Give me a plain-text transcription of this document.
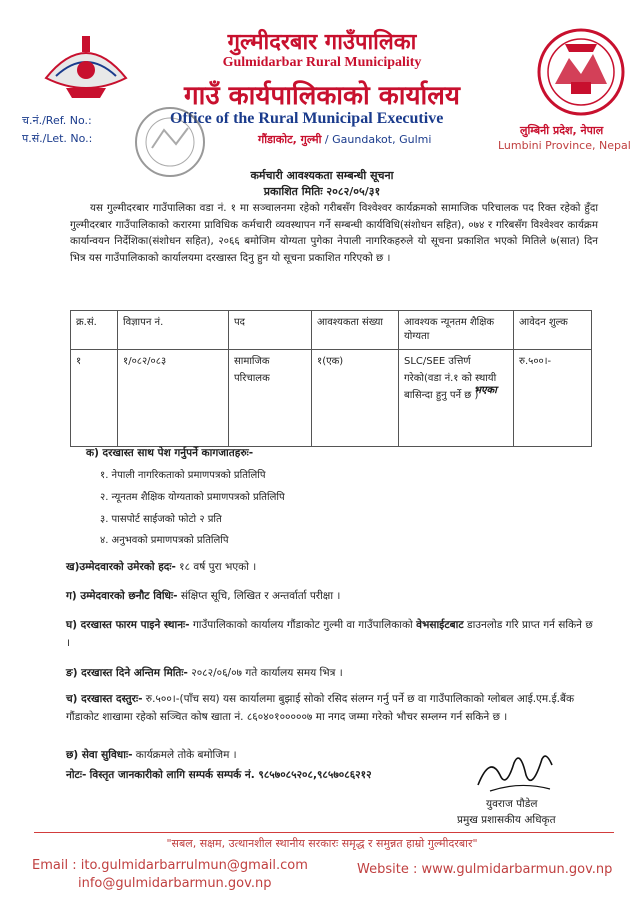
गुल्मीदरबार गाउँपालिका
Gulmidarbar Rural Municipality
गाउँ कार्यपालिकाको कार्यालय
Office of the Rural Municipal Executive
गौंडाकोट, गुल्मी / Gaundakot, Gulmi
च.नं./Ref. No.:
प.सं./Let. No.:
लुम्बिनी प्रदेश, नेपाल
Lumbini Province, Nepal
कर्मचारी आवश्यकता सम्बन्धी सूचना
प्रकाशित मितिः २०८२/०५/३१
यस गुल्मीदरबार गाउँपालिका वडा नं. १ मा सञ्चालनमा रहेको गरीबसँग विश्वेश्वर कार्यक्रमको सामाजिक परिचालक पद रिक्त रहेको हुँदा गुल्मीदरबार गाउँपालिकाको करारमा प्राविधिक कर्मचारी व्यवस्थापन गर्ने सम्बन्धी कार्यविधि(संशोधन सहित), ०७४ र गरिबसँग विश्वेश्वर कार्यक्रम कार्यान्वयन निर्देशिका(संशोधन सहित), २०६६ बमोजिम योग्यता पुगेका नेपाली नागरिकहरुले यो सूचना प्रकाशित भएको मितिले ७(सात) दिन भित्र यस गाउँपालिकाको कार्यालयमा दरखास्त दिनु हुन यो सूचना प्रकाशित गरिएको छ ।
क्र.सं.	विज्ञापन नं.	पद	आवश्यकता संख्या	आवश्यक न्यूनतम शैक्षिक योग्यता	आवेदन शुल्क
१	१/०८२/०८३	सामाजिक परिचालक	१(एक)	SLC/SEE उत्तिर्ण गरेको(वडा नं.१ को स्थायी बासिन्दा हुनु पर्ने छ )	रु.५००।-
भएका
क) दरखास्त साथ पेश गर्नुपर्ने कागजातहरुः-
१. नेपाली नागरिकताको प्रमाणपत्रको प्रतिलिपि
२. न्यूनतम शैक्षिक योग्यताको प्रमाणपत्रको प्रतिलिपि
३. पासपोर्ट साईजको फोटो २ प्रति
४. अनुभवको प्रमाणपत्रको प्रतिलिपि
ख)उम्मेदवारको उमेरको हदः- १८ वर्ष पुरा भएको ।
ग) उम्मेदवारको छनौट विधिः- संक्षिप्त सूचि, लिखित र अन्तर्वार्ता परीक्षा ।
घ) दरखास्त फारम पाइने स्थानः- गाउँपालिकाको कार्यालय गौंडाकोट गुल्मी वा गाउँपालिकाको वेभसाईटबाट डाउनलोड गरि प्राप्त गर्न सकिने छ ।
ङ) दरखास्त दिने अन्तिम मितिः- २०८२/०६/०७ गते कार्यालय समय भित्र ।
च) दरखास्त दस्तुरः- रु.५००।-(पाँच सय) यस कार्यालमा बुझाई सोको रसिद संलग्न गर्नु पर्ने छ वा गाउँपालिकाको ग्लोबल आई.एम.ई.बैंक गौंडाकोट शाखामा रहेको सञ्चित कोष खाता नं. ८६०४०१०००००७ मा नगद जम्मा गरेको भौचर सम्लग्न गर्न सकिने छ ।
छ) सेवा सुविधाः- कार्यक्रमले तोके बमोजिम ।
नोटः- विस्तृत जानकारीको लागि सम्पर्क सम्पर्क नं. ९८५७०८५२०८,९८५७०८६२१२
युवराज पौडेल
प्रमुख प्रशासकीय अधिकृत
"सबल, सक्षम, उत्थानशील स्थानीय सरकारः समृद्ध र समुन्नत हाम्रो गुल्मीदरबार"
Email : ito.gulmidarbarrulmun@gmail.com
info@gulmidarbarmun.gov.np
Website : www.gulmidarbarmun.gov.np
